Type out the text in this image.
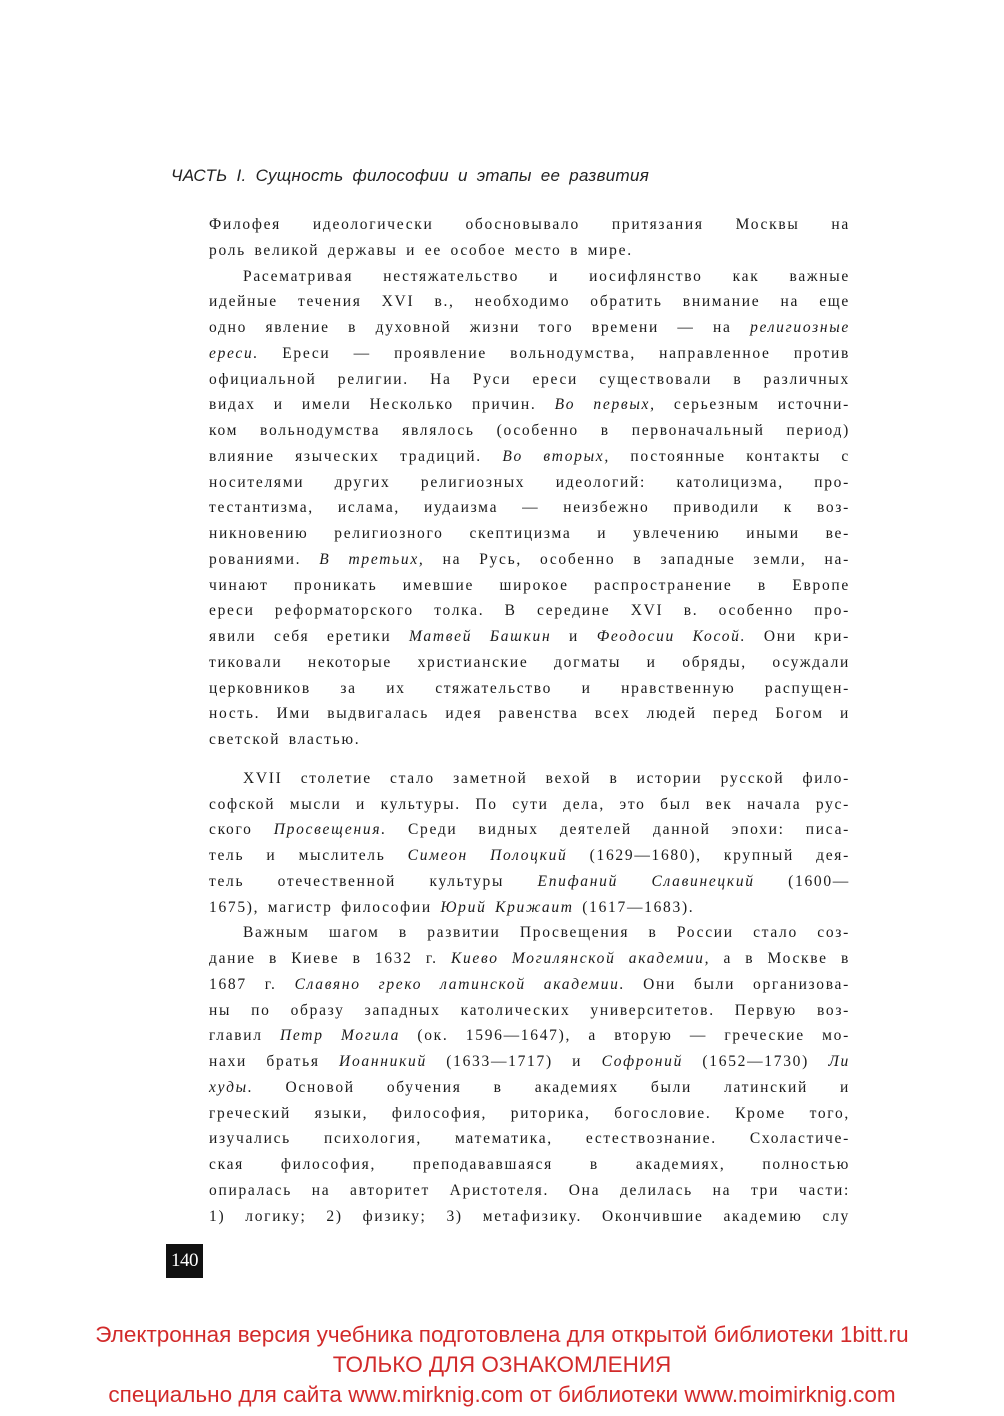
ЧАСТЬ I. Сущность философии и этапы ее развития
Филофея идеологически обосновывало притязания Москвы на
роль великой державы и ее особое место в мире.
Расематривая нестяжательство и иосифлянство как важные
идейные течения XVI в., необходимо обратить внимание на еще
одно явление в духовной жизни того времени — на религиозные
ереси. Ереси — проявление вольнодумства, направленное против
официальной религии. На Руси ереси существовали в различных
видах и имели Несколько причин. Во первых, серьезным источни-
ком вольнодумства являлось (особенно в первоначальный период)
влияние языческих традиций. Во вторых, постоянные контакты с
носителями других религиозных идеологий: католицизма, про-
тестантизма, ислама, иудаизма — неизбежно приводили к воз-
никновению религиозного скептицизма и увлечению иными ве-
рованиями. В третьих, на Русь, особенно в западные земли, на-
чинают проникать имевшие широкое распространение в Европе
ереси реформаторского толка. В середине XVI в. особенно про-
явили себя еретики Матвей Башкин и Феодосии Косой. Они кри-
тиковали некоторые христианские догматы и обряды, осуждали
церковников за их стяжательство и нравственную распущен-
ность. Ими выдвигалась идея равенства всех людей перед Богом и
светской властью.
XVII столетие стало заметной вехой в истории русской фило-
софской мысли и культуры. По сути дела, это был век начала рус-
ского Просвещения. Среди видных деятелей данной эпохи: писа-
тель и мыслитель Симеон Полоцкий (1629—1680), крупный дея-
тель отечественной культуры Епифаний Славинецкий (1600—
1675), магистр философии Юрий Крижаит (1617—1683).
Важным шагом в развитии Просвещения в России стало соз-
дание в Киеве в 1632 г. Киево Могилянской академии, а в Москве в
1687 г. Славяно греко латинской академии. Они были организова-
ны по образу западных католических университетов. Первую воз-
главил Петр Могила (ок. 1596—1647), а вторую — греческие мо-
нахи братья Иоанникий (1633—1717) и Софроний (1652—1730) Ли
худы. Основой обучения в академиях были латинский и
греческий языки, философия, риторика, богословие. Кроме того,
изучались психология, математика, естествознание. Схоластиче-
ская философия, преподававшаяся в академиях, полностью
опиралась на авторитет Аристотеля. Она делилась на три части:
1) логику; 2) физику; 3) метафизику. Окончившие академию слу
140
Электронная версия учебника подготовлена для открытой библиотеки 1bitt.ru
ТОЛЬКО ДЛЯ ОЗНАКОМЛЕНИЯ
специально для сайта www.mirknig.com от библиотеки www.moimirknig.com
